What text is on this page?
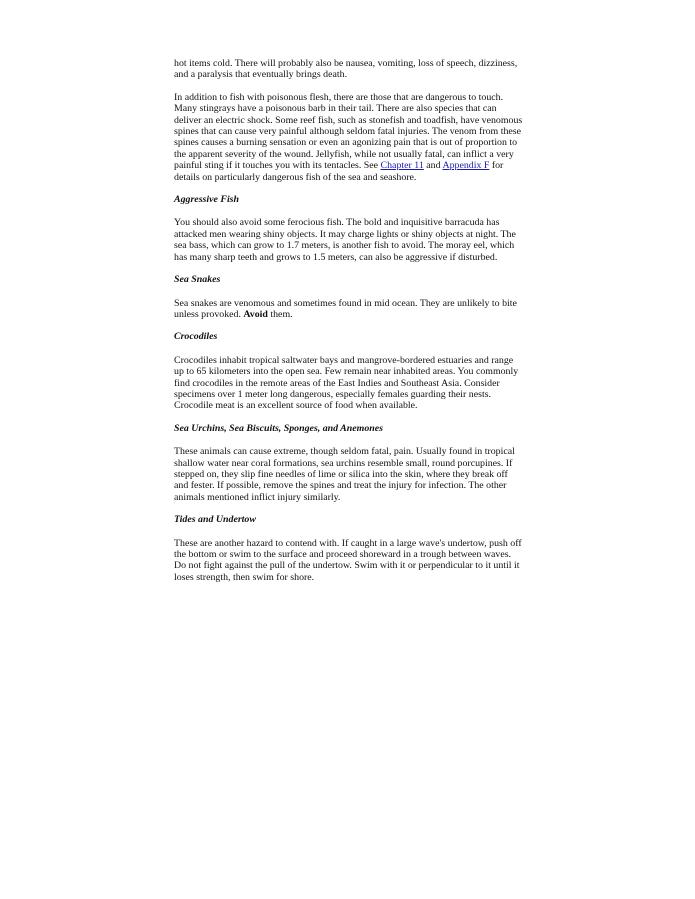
hot items cold. There will probably also be nausea, vomiting, loss of speech, dizziness, and a paralysis that eventually brings death.

In addition to fish with poisonous flesh, there are those that are dangerous to touch. Many stingrays have a poisonous barb in their tail. There are also species that can deliver an electric shock. Some reef fish, such as stonefish and toadfish, have venomous spines that can cause very painful although seldom fatal injuries. The venom from these spines causes a burning sensation or even an agonizing pain that is out of proportion to the apparent severity of the wound. Jellyfish, while not usually fatal, can inflict a very painful sting if it touches you with its tentacles. See Chapter 11 and Appendix F for details on particularly dangerous fish of the sea and seashore.

Aggressive Fish

You should also avoid some ferocious fish. The bold and inquisitive barracuda has attacked men wearing shiny objects. It may charge lights or shiny objects at night. The sea bass, which can grow to 1.7 meters, is another fish to avoid. The moray eel, which has many sharp teeth and grows to 1.5 meters, can also be aggressive if disturbed.

Sea Snakes

Sea snakes are venomous and sometimes found in mid ocean. They are unlikely to bite unless provoked. Avoid them.

Crocodiles

Crocodiles inhabit tropical saltwater bays and mangrove-bordered estuaries and range up to 65 kilometers into the open sea. Few remain near inhabited areas. You commonly find crocodiles in the remote areas of the East Indies and Southeast Asia. Consider specimens over 1 meter long dangerous, especially females guarding their nests. Crocodile meat is an excellent source of food when available.

Sea Urchins, Sea Biscuits, Sponges, and Anemones

These animals can cause extreme, though seldom fatal, pain. Usually found in tropical shallow water near coral formations, sea urchins resemble small, round porcupines. If stepped on, they slip fine needles of lime or silica into the skin, where they break off and fester. If possible, remove the spines and treat the injury for infection. The other animals mentioned inflict injury similarly.

Tides and Undertow

These are another hazard to contend with. If caught in a large wave's undertow, push off the bottom or swim to the surface and proceed shoreward in a trough between waves. Do not fight against the pull of the undertow. Swim with it or perpendicular to it until it loses strength, then swim for shore.
